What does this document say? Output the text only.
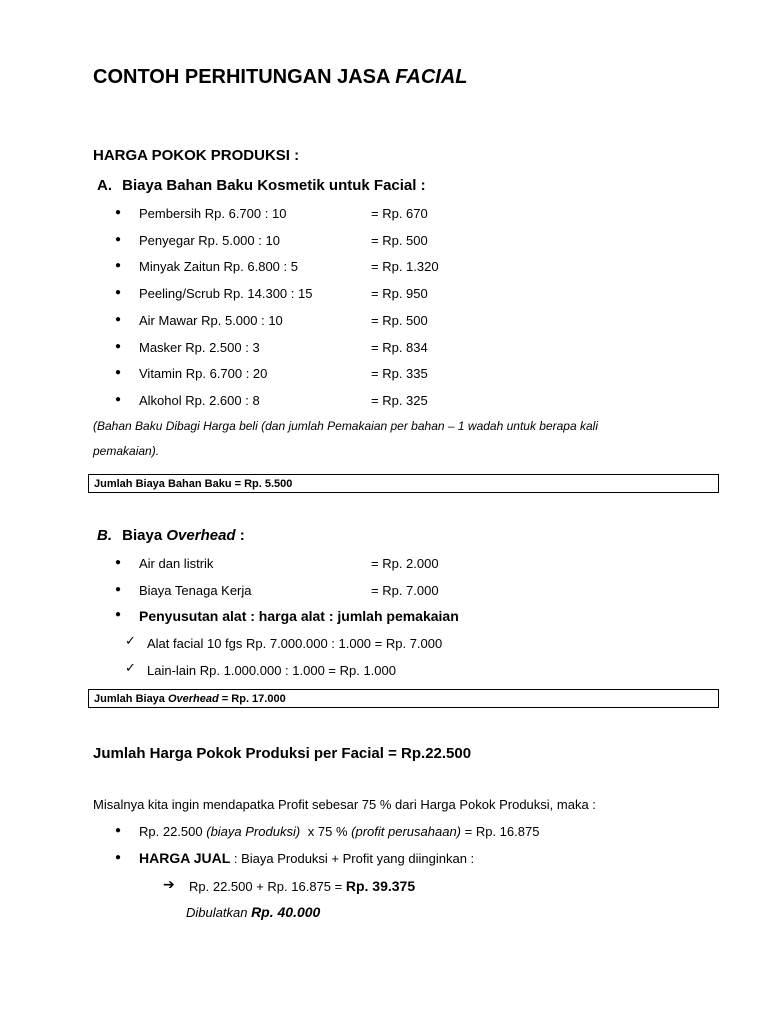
CONTOH PERHITUNGAN JASA FACIAL
HARGA POKOK PRODUKSI :
A. Biaya Bahan Baku Kosmetik untuk Facial :
● Pembersih Rp. 6.700 : 10	= Rp. 670
● Penyegar Rp. 5.000 : 10	= Rp. 500
● Minyak Zaitun Rp. 6.800 : 5	= Rp. 1.320
● Peeling/Scrub Rp. 14.300 : 15	= Rp. 950
● Air Mawar Rp. 5.000 : 10	= Rp. 500
● Masker Rp. 2.500 : 3	= Rp. 834
● Vitamin Rp. 6.700 : 20	= Rp. 335
● Alkohol Rp. 2.600 : 8	= Rp. 325
(Bahan Baku Dibagi Harga beli (dan jumlah Pemakaian per bahan – 1 wadah untuk berapa kali
pemakaian).
Jumlah Biaya Bahan Baku = Rp. 5.500
B. Biaya Overhead :
● Air dan listrik	= Rp. 2.000
● Biaya Tenaga Kerja	= Rp. 7.000
● Penyusutan alat : harga alat : jumlah pemakaian
✓ Alat facial 10 fgs Rp. 7.000.000 : 1.000 = Rp. 7.000
✓ Lain-lain Rp. 1.000.000 : 1.000 = Rp. 1.000
Jumlah Biaya Overhead = Rp. 17.000
Jumlah Harga Pokok Produksi per Facial = Rp.22.500
Misalnya kita ingin mendapatka Profit sebesar 75 % dari Harga Pokok Produksi, maka :
● Rp. 22.500 (biaya Produksi) x 75 % (profit perusahaan) = Rp. 16.875
● HARGA JUAL : Biaya Produksi + Profit yang diinginkan :
➔ Rp. 22.500 + Rp. 16.875 = Rp. 39.375
Dibulatkan Rp. 40.000
